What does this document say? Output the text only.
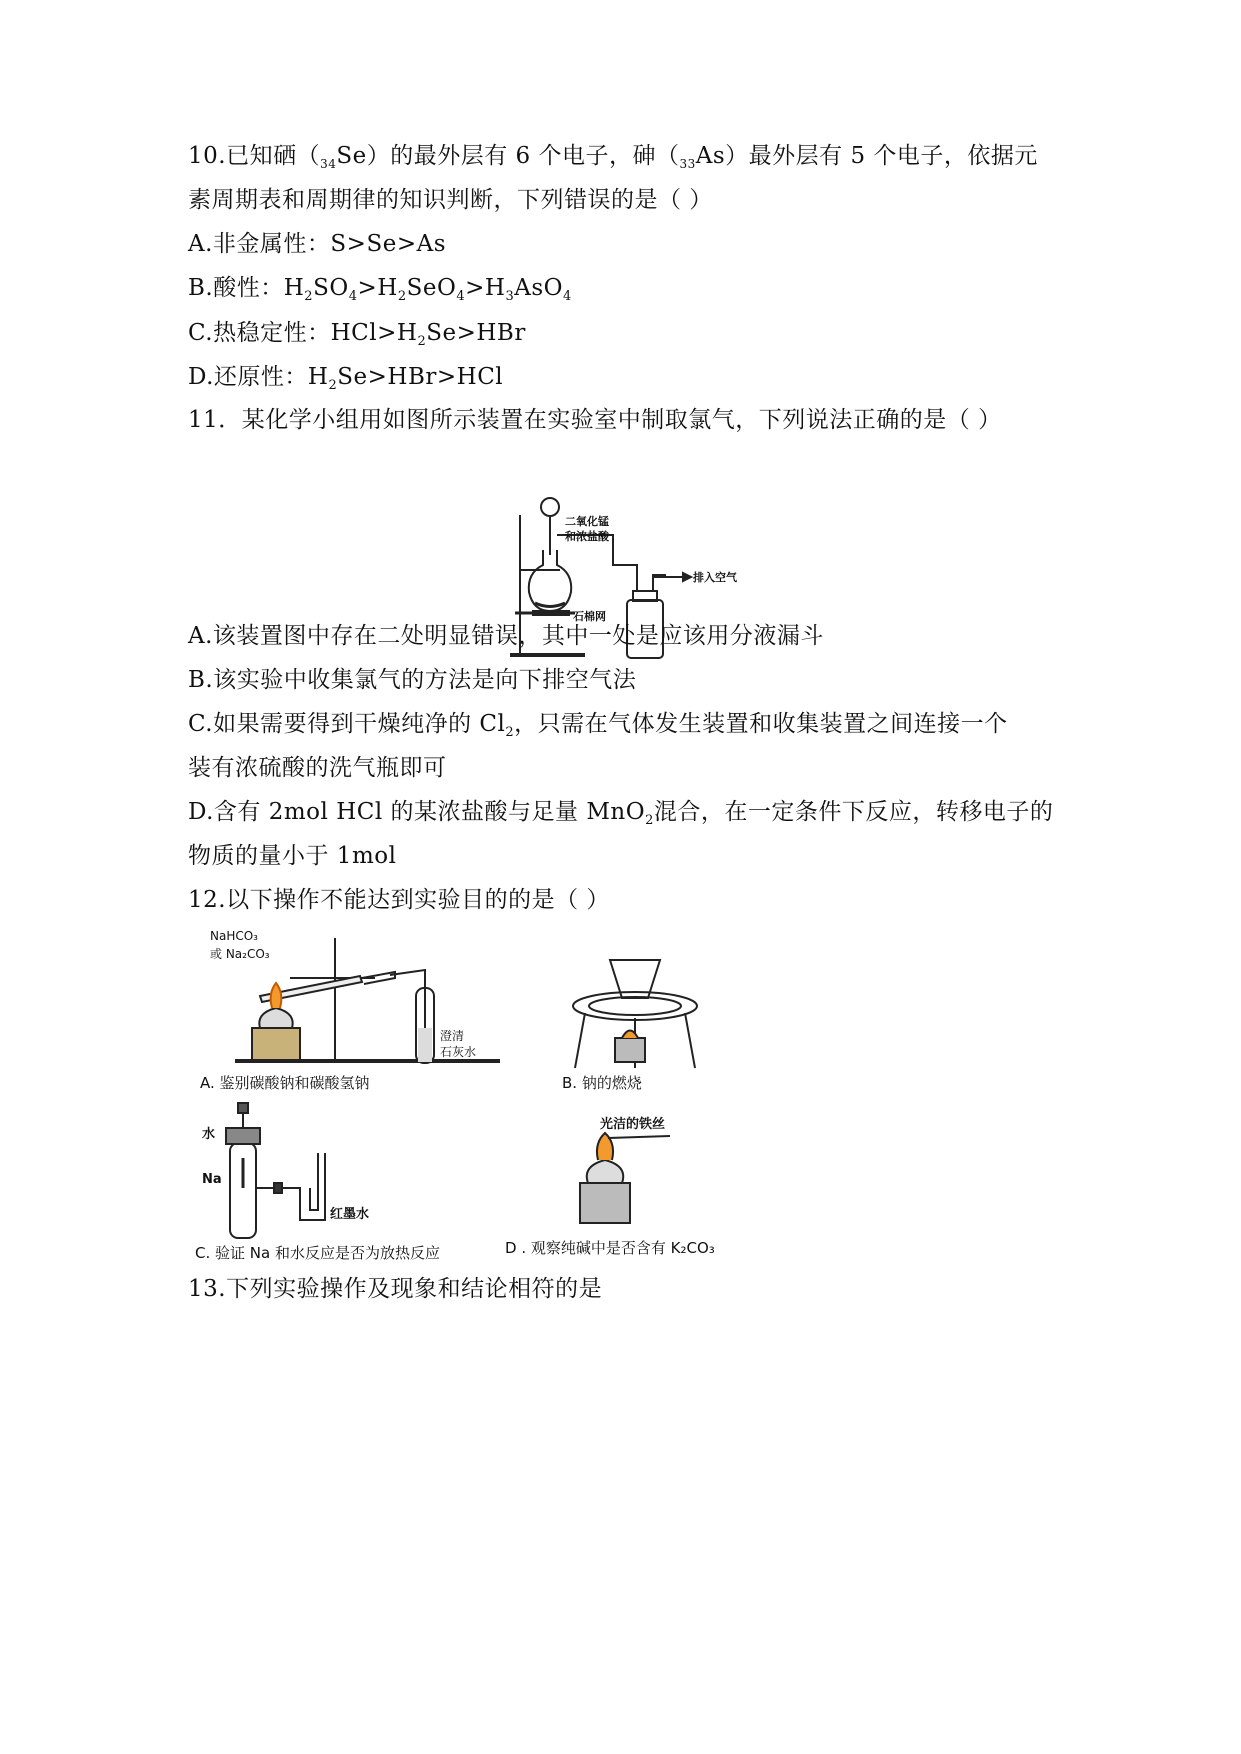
10.已知硒$(_{34}Se)$的最外层有 6 个电子，砷$(_{33}As)$最外层有 5 个电子，依据元
素周期表和周期律的知识判断，下列错误的是（ ）
A.非金属性：S>Se>As
B.酸性：$H_2SO_4>H_2SeO_4>H_3AsO_4$
C.热稳定性：$HCl>H_2Se>HBr$
D.还原性：$H_2Se>HBr>HCl$
11．某化学小组用如图所示装置在实验室中制取氯气，下列说法正确的是（ ）
二氧化锰
和浓盐酸
排入空气
石棉网
A.该装置图中存在二处明显错误，其中一处是应该用分液漏斗
B.该实验中收集氯气的方法是向下排空气法
C.如果需要得到干燥纯净的 $Cl_2$，只需在气体发生装置和收集装置之间连接一个
装有浓硫酸的洗气瓶即可
D.含有 2mol HCl 的某浓盐酸与足量 MnO$_2$混合，在一定条件下反应，转移电子的
物质的量小于 1mol
12.以下操作不能达到实验目的的是（ ）
NaHCO₃
或 Na₂CO₃
澄清
石灰水
A. 鉴别碳酸钠和碳酸氢钠	B. 钠的燃烧
水
Na
红墨水
C. 验证 Na 和水反应是否为放热反应
光洁的铁丝
D . 观察纯碱中是否含有 K₂CO₃
13.下列实验操作及现象和结论相符的是
